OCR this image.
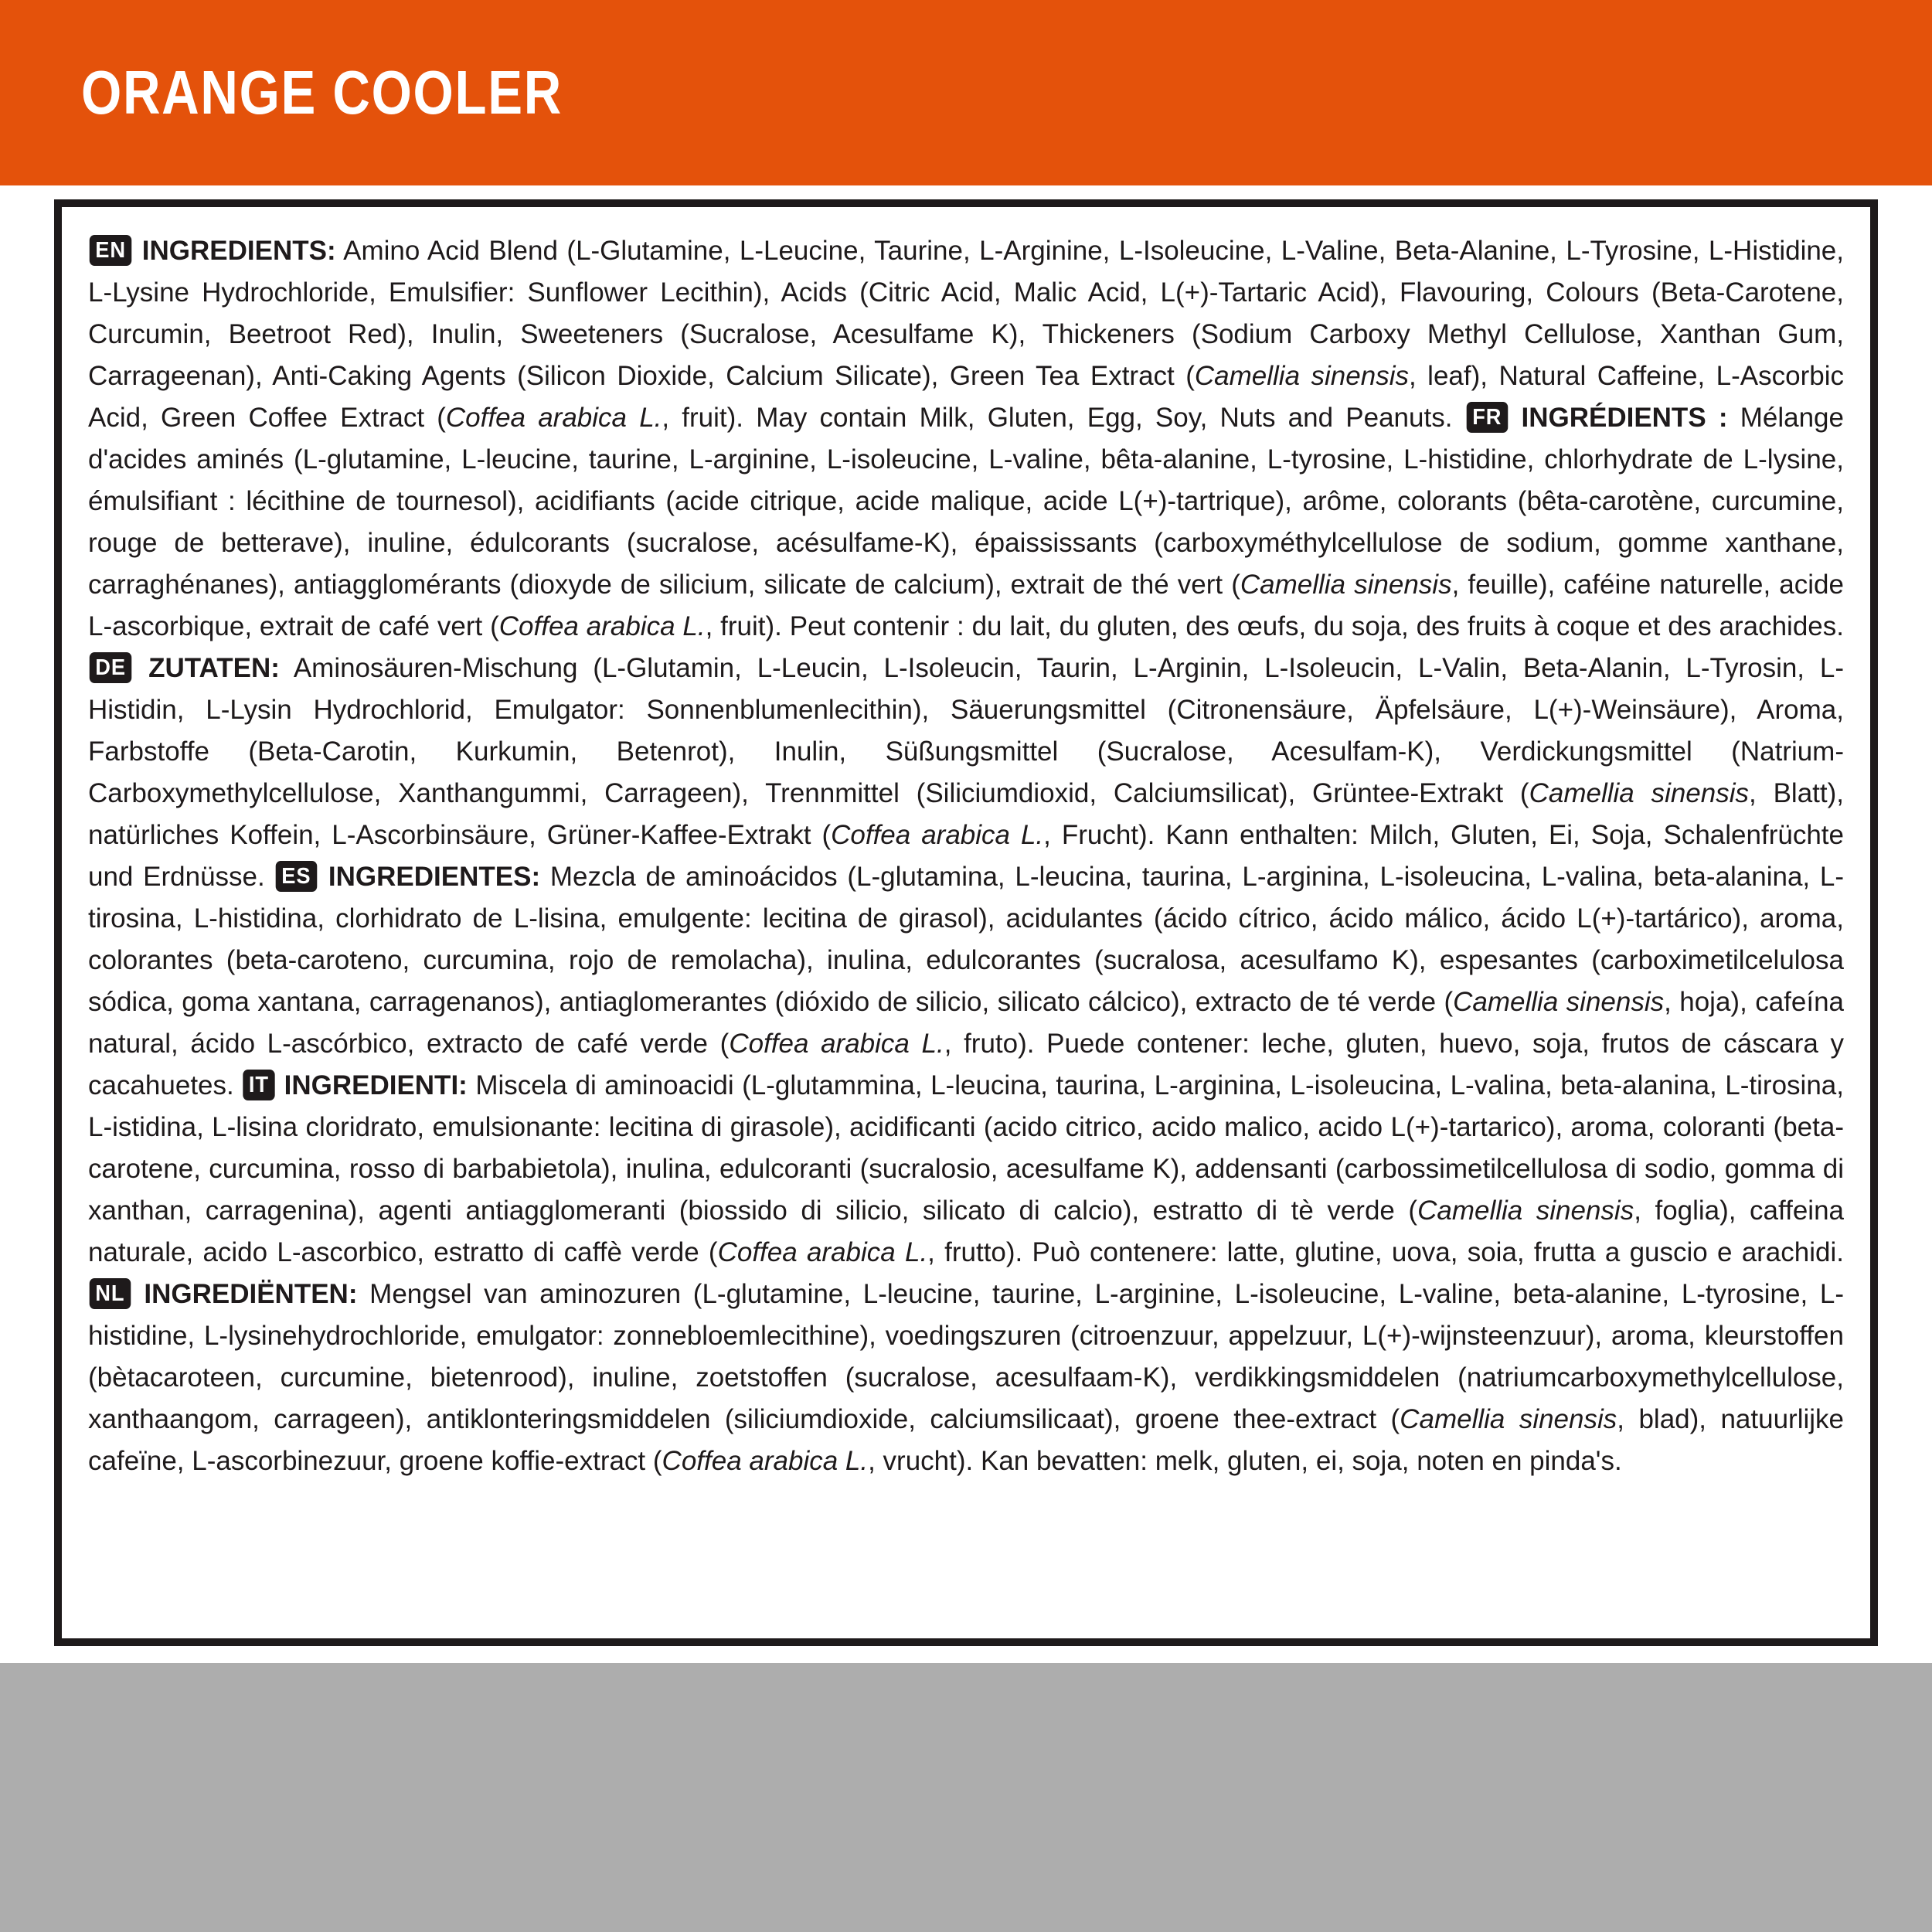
ORANGE COOLER

EN INGREDIENTS: Amino Acid Blend (L-Glutamine, L-Leucine, Taurine, L-Arginine, L-Isoleucine, L-Valine, Beta-Alanine, L-Tyrosine, L-Histidine, L-Lysine Hydrochloride, Emulsifier: Sunflower Lecithin), Acids (Citric Acid, Malic Acid, L(+)-Tartaric Acid), Flavouring, Colours (Beta-Carotene, Curcumin, Beetroot Red), Inulin, Sweeteners (Sucralose, Acesulfame K), Thickeners (Sodium Carboxy Methyl Cellulose, Xanthan Gum, Carrageenan), Anti-Caking Agents (Silicon Dioxide, Calcium Silicate), Green Tea Extract (Camellia sinensis, leaf), Natural Caffeine, L-Ascorbic Acid, Green Coffee Extract (Coffea arabica L., fruit). May contain Milk, Gluten, Egg, Soy, Nuts and Peanuts. FR INGRÉDIENTS : Mélange d'acides aminés (L-glutamine, L-leucine, taurine, L-arginine, L-isoleucine, L-valine, bêta-alanine, L-tyrosine, L-histidine, chlorhydrate de L-lysine, émulsifiant : lécithine de tournesol), acidifiants (acide citrique, acide malique, acide L(+)-tartrique), arôme, colorants (bêta-carotène, curcumine, rouge de betterave), inuline, édulcorants (sucralose, acésulfame-K), épaississants (carboxyméthylcellulose de sodium, gomme xanthane, carraghénanes), antiagglomérants (dioxyde de silicium, silicate de calcium), extrait de thé vert (Camellia sinensis, feuille), caféine naturelle, acide L-ascorbique, extrait de café vert (Coffea arabica L., fruit). Peut contenir : du lait, du gluten, des œufs, du soja, des fruits à coque et des arachides. DE ZUTATEN: Aminosäuren-Mischung (L-Glutamin, L-Leucin, L-Isoleucin, Taurin, L-Arginin, L-Isoleucin, L-Valin, Beta-Alanin, L-Tyrosin, L-Histidin, L-Lysin Hydrochlorid, Emulgator: Sonnenblumenlecithin), Säuerungsmittel (Citronensäure, Äpfelsäure, L(+)-Weinsäure), Aroma, Farbstoffe (Beta-Carotin, Kurkumin, Betenrot), Inulin, Süßungsmittel (Sucralose, Acesulfam-K), Verdickungsmittel (Natrium-Carboxymethylcellulose, Xanthangummi, Carrageen), Trennmittel (Siliciumdioxid, Calciumsilicat), Grüntee-Extrakt (Camellia sinensis, Blatt), natürliches Koffein, L-Ascorbinsäure, Grüner-Kaffee-Extrakt (Coffea arabica L., Frucht). Kann enthalten: Milch, Gluten, Ei, Soja, Schalenfrüchte und Erdnüsse. ES INGREDIENTES: Mezcla de aminoácidos (L-glutamina, L-leucina, taurina, L-arginina, L-isoleucina, L-valina, beta-alanina, L-tirosina, L-histidina, clorhidrato de L-lisina, emulgente: lecitina de girasol), acidulantes (ácido cítrico, ácido málico, ácido L(+)-tartárico), aroma, colorantes (beta-caroteno, curcumina, rojo de remolacha), inulina, edulcorantes (sucralosa, acesulfamo K), espesantes (carboximetilcelulosa sódica, goma xantana, carragenanos), antiaglomerantes (dióxido de silicio, silicato cálcico), extracto de té verde (Camellia sinensis, hoja), cafeína natural, ácido L-ascórbico, extracto de café verde (Coffea arabica L., fruto). Puede contener: leche, gluten, huevo, soja, frutos de cáscara y cacahuetes. IT INGREDIENTI: Miscela di aminoacidi (L-glutammina, L-leucina, taurina, L-arginina, L-isoleucina, L-valina, beta-alanina, L-tirosina, L-istidina, L-lisina cloridrato, emulsionante: lecitina di girasole), acidificanti (acido citrico, acido malico, acido L(+)-tartarico), aroma, coloranti (beta-carotene, curcumina, rosso di barbabietola), inulina, edulcoranti (sucralosio, acesulfame K), addensanti (carbossimetilcellulosa di sodio, gomma di xanthan, carragenina), agenti antiagglomeranti (biossido di silicio, silicato di calcio), estratto di tè verde (Camellia sinensis, foglia), caffeina naturale, acido L-ascorbico, estratto di caffè verde (Coffea arabica L., frutto). Può contenere: latte, glutine, uova, soia, frutta a guscio e arachidi. NL INGREDIËNTEN: Mengsel van aminozuren (L-glutamine, L-leucine, taurine, L-arginine, L-isoleucine, L-valine, beta-alanine, L-tyrosine, L-histidine, L-lysinehydrochloride, emulgator: zonnebloemlecithine), voedingszuren (citroenzuur, appelzuur, L(+)-wijnsteenzuur), aroma, kleurstoffen (bètacaroteen, curcumine, bietenrood), inuline, zoetstoffen (sucralose, acesulfaam-K), verdikkingsmiddelen (natriumcarboxymethylcellulose, xanthaangom, carrageen), antiklonteringsmiddelen (siliciumdioxide, calciumsilicaat), groene thee-extract (Camellia sinensis, blad), natuurlijke cafeïne, L-ascorbinezuur, groene koffie-extract (Coffea arabica L., vrucht). Kan bevatten: melk, gluten, ei, soja, noten en pinda's.
